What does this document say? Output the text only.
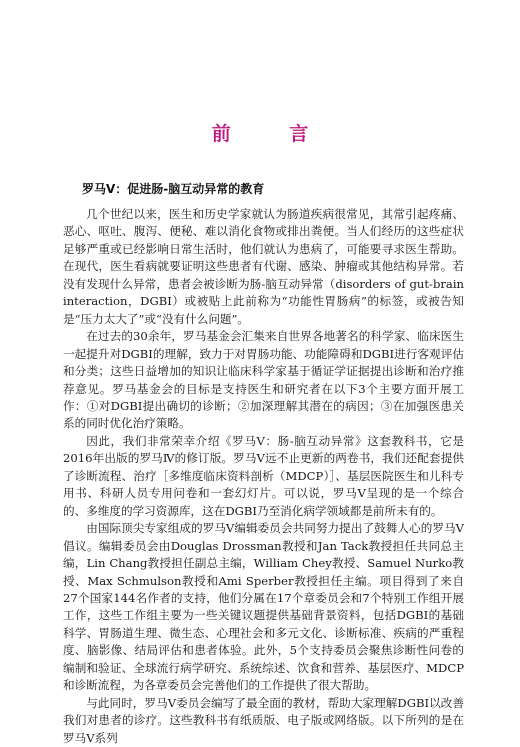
前 言
罗马Ⅴ：促进肠-脑互动异常的教育

几个世纪以来，医生和历史学家就认为肠道疾病很常见，其常引起疼痛、恶心、呕吐、腹泻、便秘、难以消化食物或排出粪便。当人们经历的这些症状足够严重或已经影响日常生活时，他们就认为患病了，可能要寻求医生帮助。在现代，医生看病就要证明这些患者有代谢、感染、肿瘤或其他结构异常。若没有发现什么异常，患者会被诊断为肠-脑互动异常（disorders of gut-brain interaction，DGBI）或被贴上此前称为“功能性胃肠病”的标签，或被告知是“压力太大了”或“没有什么问题”。

在过去的30余年，罗马基金会汇集来自世界各地著名的科学家、临床医生一起提升对DGBI的理解，致力于对胃肠功能、功能障碍和DGBI进行客观评估和分类；这些日益增加的知识让临床科学家基于循证学证据提出诊断和治疗推荐意见。罗马基金会的目标是支持医生和研究者在以下3个主要方面开展工作：①对DGBI提出确切的诊断；②加深理解其潜在的病因；③在加强医患关系的同时优化治疗策略。

因此，我们非常荣幸介绍《罗马Ⅴ：肠-脑互动异常》这套教科书，它是2016年出版的罗马Ⅳ的修订版。罗马Ⅴ远不止更新的两卷书，我们还配套提供了诊断流程、治疗［多维度临床资料剖析（MDCP）］、基层医院医生和儿科专用书、科研人员专用问卷和一套幻灯片。可以说，罗马Ⅴ呈现的是一个综合的、多维度的学习资源库，这在DGBI乃至消化病学领域都是前所未有的。

由国际顶尖专家组成的罗马Ⅴ编辑委员会共同努力提出了鼓舞人心的罗马Ⅴ倡议。编辑委员会由Douglas Drossman教授和Jan Tack教授担任共同总主编，Lin Chang教授担任副总主编，William Chey教授、Samuel Nurko教授、Max Schmulson教授和Ami Sperber教授担任主编。项目得到了来自27个国家144名作者的支持，他们分属在17个章委员会和7个特别工作组开展工作，这些工作组主要为一些关键议题提供基础背景资料，包括DGBI的基础科学、胃肠道生理、微生态、心理社会和多元文化、诊断标准、疾病的严重程度、脑影像、结局评估和患者体验。此外，5个支持委员会聚焦诊断性问卷的编制和验证、全球流行病学研究、系统综述、饮食和营养、基层医疗、MDCP和诊断流程，为各章委员会完善他们的工作提供了很大帮助。

与此同时，罗马Ⅴ委员会编写了最全面的教材，帮助大家理解DGBI以改善我们对患者的诊疗。这些教科书有纸质版、电子版或网络版。以下所列的是在罗马Ⅴ系列
